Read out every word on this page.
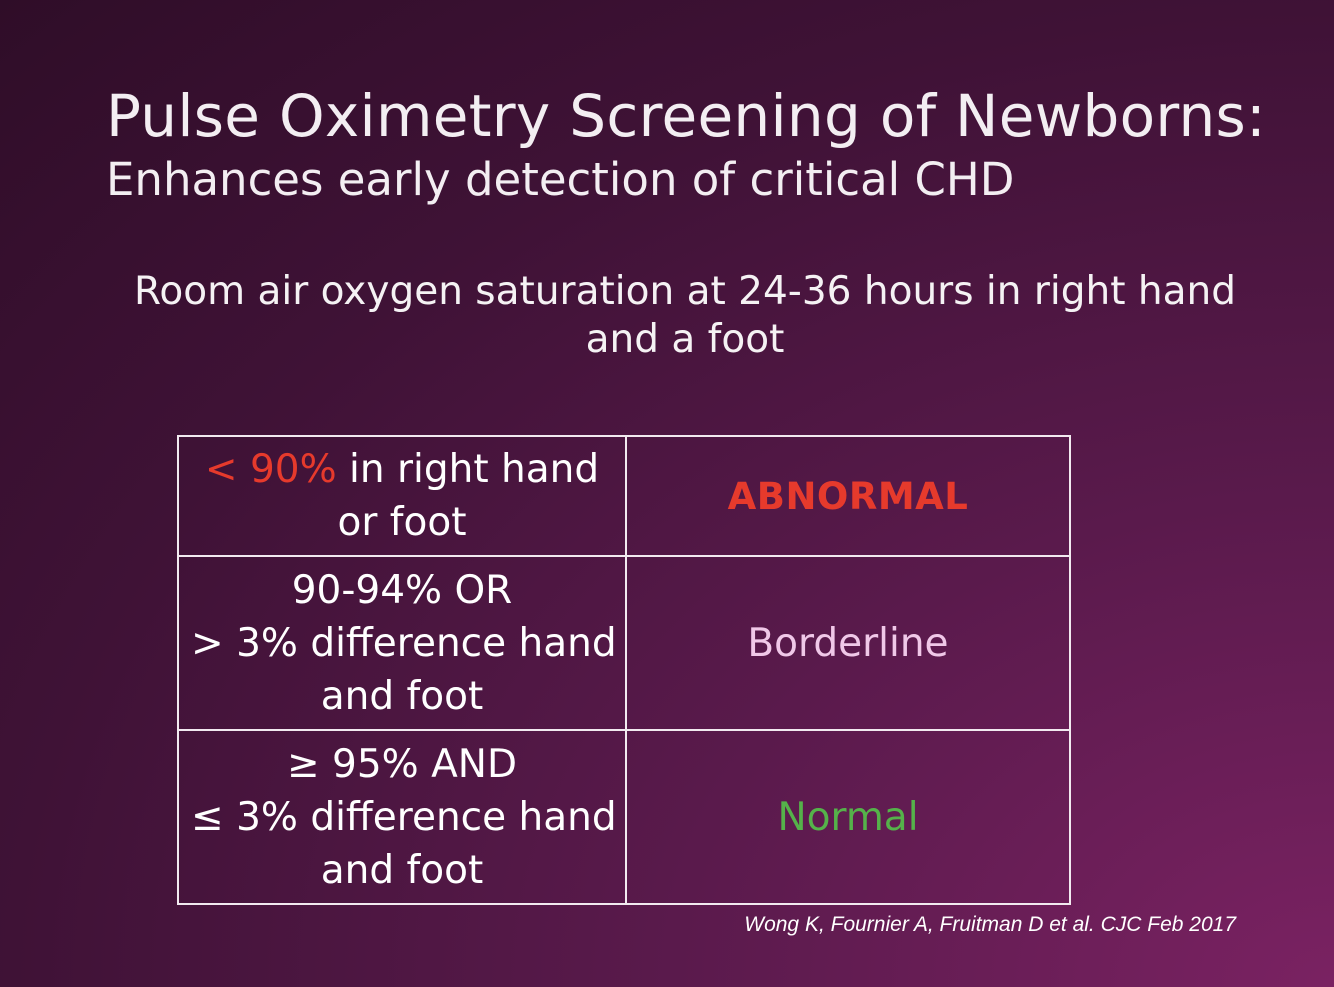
Pulse Oximetry Screening of Newborns:
Enhances early detection of critical CHD
Room air oxygen saturation at 24-36 hours in right hand and a foot
< 90% in right hand or foot	ABNORMAL

90-94% OR
> 3% difference hand
and foot	Borderline

≥ 95% AND
≤ 3% difference hand
and foot	Normal
Wong K, Fournier A, Fruitman D et al. CJC Feb 2017
